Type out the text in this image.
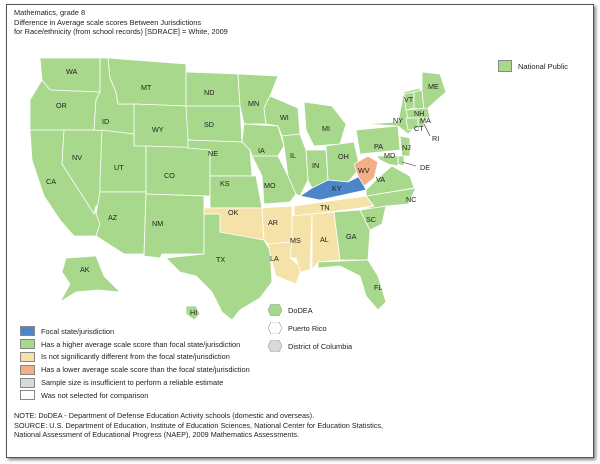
Mathematics, grade 8
Difference in Average scale scores Between Jurisdictions
for Race/ethnicity (from school records) [SDRACE] = White, 2009
WA
OR
CA
NV
ID
MT
WY
UT
AZ
CO
NM
ND
SD
NE
KS
OK
TX
MN
IA
MO
AR
LA
WI
IL
MI
IN
OH
KY
TN
MS	AL GA
FL
SC
NC
VA
WV
PA
NY
VT
NH
ME
MA
CT
RI
NJ
DE
MD
AK
HI
National Public
Focal state/jurisdiction
Has a higher average scale score than focal state/jurisdiction
Is not significantly different from the focal state/jurisdiction
Has a lower average scale score than the focal state/jurisdiction
Sample size is insufficient to perform a reliable estimate
Was not selected for comparison
DoDEA
Puerto Rico
District of Columbia
NOTE: DoDEA - Department of Defense Education Activity schools (domestic and overseas).
SOURCE: U.S. Department of Education, Institute of Education Sciences, National Center for Education Statistics,
National Assessment of Educational Progress (NAEP), 2009 Mathematics Assessments.
